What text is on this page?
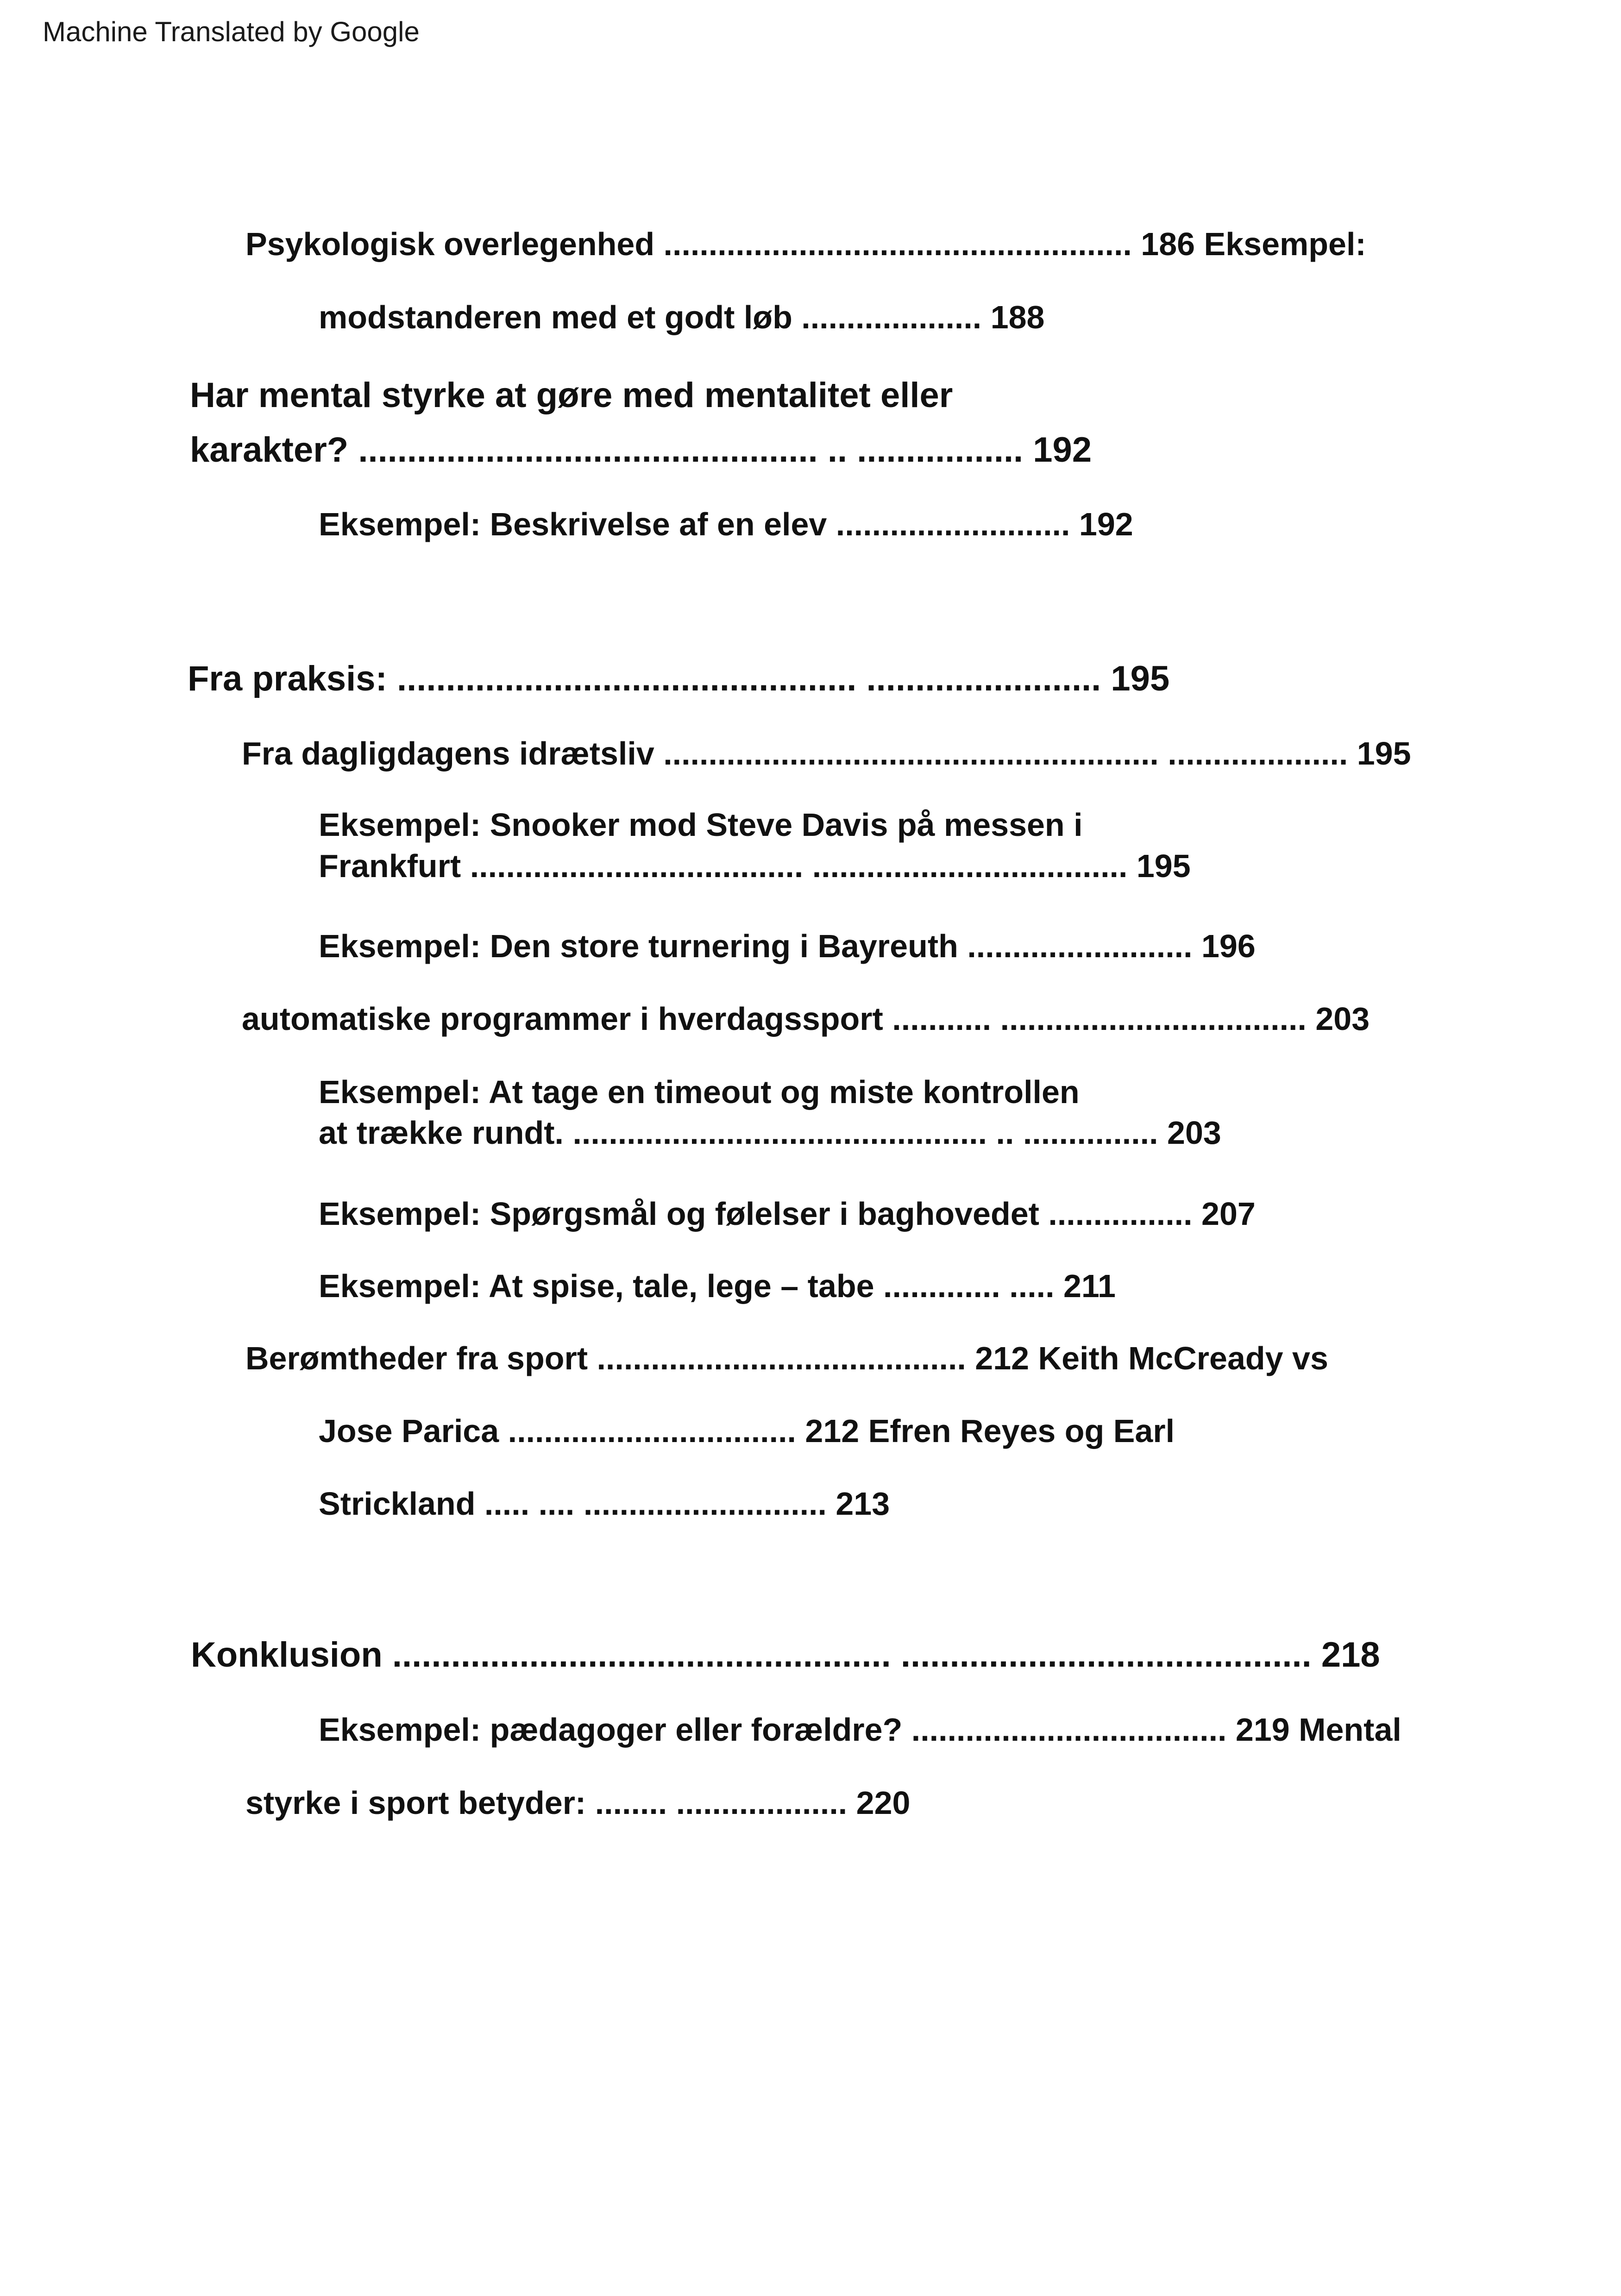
Machine Translated by Google
Psykologisk overlegenhed .................................................... 186 Eksempel:
modstanderen med et godt løb .................... 188
Har mental styrke at gøre med mentalitet eller
karakter? ............................................... .. ................. 192
Eksempel: Beskrivelse af en elev .......................... 192
Fra praksis: ............................................... ........................ 195
Fra dagligdagens idrætsliv ....................................................... .................... 195
Eksempel: Snooker mod Steve Davis på messen i
Frankfurt ..................................... ................................... 195
Eksempel: Den store turnering i Bayreuth ......................... 196
automatiske programmer i hverdagssport ........... .................................. 203
Eksempel: At tage en timeout og miste kontrollen
at trække rundt. .............................................. .. ............... 203
Eksempel: Spørgsmål og følelser i baghovedet ................ 207
Eksempel: At spise, tale, lege – tabe ............. ..... 211
Berømtheder fra sport ......................................... 212 Keith McCready vs
Jose Parica ................................ 212 Efren Reyes og Earl
Strickland ..... .... ........................... 213
Konklusion ................................................... .......................................... 218
Eksempel: pædagoger eller forældre? ................................... 219 Mental
styrke i sport betyder: ........ ................... 220
